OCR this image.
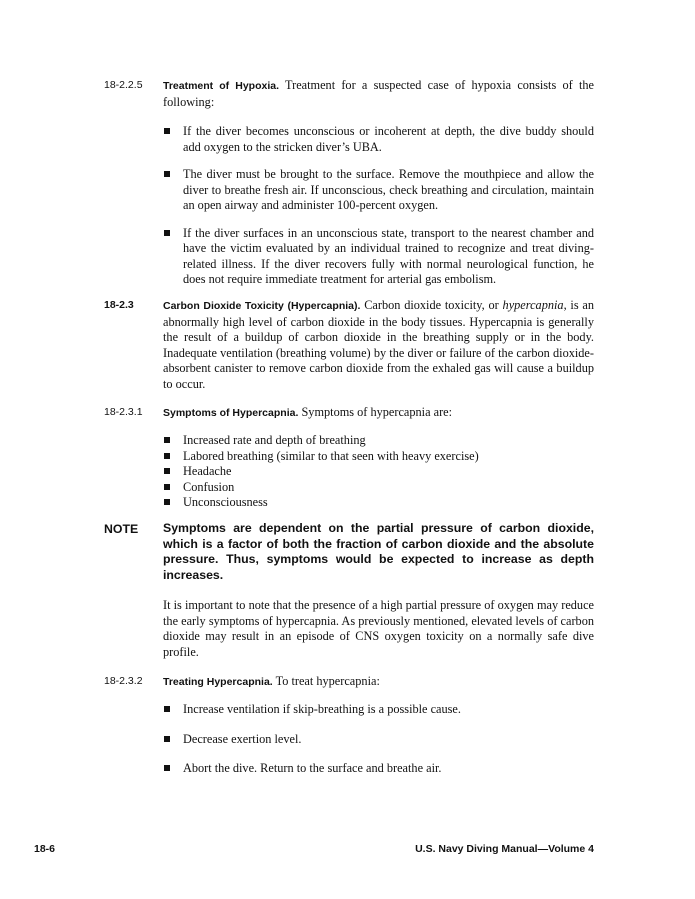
18-2.2.5 Treatment of Hypoxia. Treatment for a suspected case of hypoxia consists of the following:
If the diver becomes unconscious or incoherent at depth, the dive buddy should add oxygen to the stricken diver’s UBA.
The diver must be brought to the surface. Remove the mouthpiece and allow the diver to breathe fresh air. If unconscious, check breathing and circulation, maintain an open airway and administer 100-percent oxygen.
If the diver surfaces in an unconscious state, transport to the nearest chamber and have the victim evaluated by an individual trained to recognize and treat diving-related illness. If the diver recovers fully with normal neurological function, he does not require immediate treatment for arterial gas embolism.
18-2.3	Carbon Dioxide Toxicity (Hypercapnia). Carbon dioxide toxicity, or hypercapnia, is an abnormally high level of carbon dioxide in the body tissues. Hypercapnia is generally the result of a buildup of carbon dioxide in the breathing supply or in the body. Inadequate ventilation (breathing volume) by the diver or failure of the carbon dioxide-absorbent canister to remove carbon dioxide from the exhaled gas will cause a buildup to occur.
18-2.3.1 Symptoms of Hypercapnia. Symptoms of hypercapnia are:
Increased rate and depth of breathing
Labored breathing (similar to that seen with heavy exercise)
Headache
Confusion
Unconsciousness
NOTE Symptoms are dependent on the partial pressure of carbon dioxide, which is a factor of both the fraction of carbon dioxide and the absolute pressure. Thus, symptoms would be expected to increase as depth increases.
It is important to note that the presence of a high partial pressure of oxygen may reduce the early symptoms of hypercapnia. As previously mentioned, elevated levels of carbon dioxide may result in an episode of CNS oxygen toxicity on a normally safe dive profile.
18-2.3.2 Treating Hypercapnia. To treat hypercapnia:
Increase ventilation if skip-breathing is a possible cause.
Decrease exertion level.
Abort the dive. Return to the surface and breathe air.
18-6	U.S. Navy Diving Manual—Volume 4
